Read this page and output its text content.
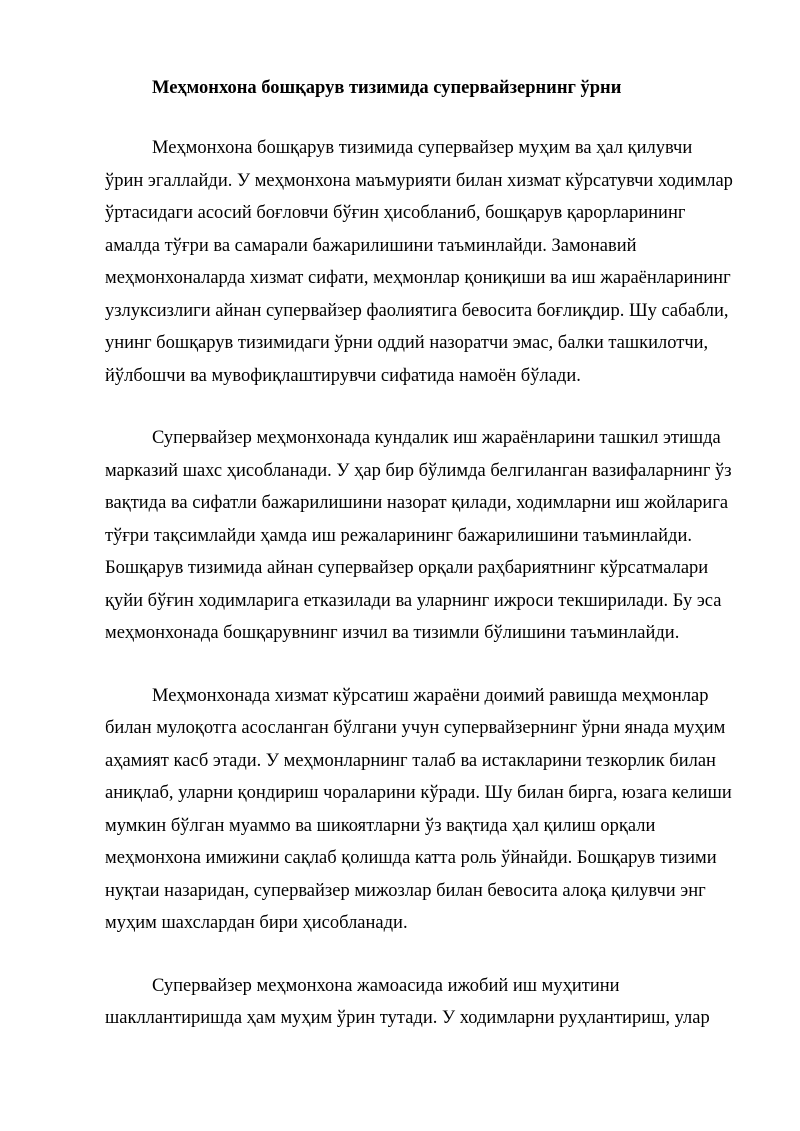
Меҳмонхона бошқарув тизимида супервайзернинг ўрни

Меҳмонхона бошқарув тизимида супервайзер муҳим ва ҳал қилувчи ўрин эгаллайди. У меҳмонхона маъмурияти билан хизмат кўрсатувчи ходимлар ўртасидаги асосий боғловчи бўғин ҳисобланиб, бошқарув қарорларининг амалда тўғри ва самарали бажарилишини таъминлайди. Замонавий меҳмонхоналарда хизмат сифати, меҳмонлар қониқиши ва иш жараёнларининг узлуксизлиги айнан супервайзер фаолиятига бевосита боғлиқдир. Шу сабабли, унинг бошқарув тизимидаги ўрни оддий назоратчи эмас, балки ташкилотчи, йўлбошчи ва мувофиқлаштирувчи сифатида намоён бўлади.

Супервайзер меҳмонхонада кундалик иш жараёнларини ташкил этишда марказий шахс ҳисобланади. У ҳар бир бўлимда белгиланган вазифаларнинг ўз вақтида ва сифатли бажарилишини назорат қилади, ходимларни иш жойларига тўғри тақсимлайди ҳамда иш режаларининг бажарилишини таъминлайди. Бошқарув тизимида айнан супервайзер орқали раҳбариятнинг кўрсатмалари қуйи бўғин ходимларига етказилади ва уларнинг ижроси текширилади. Бу эса меҳмонхонада бошқарувнинг изчил ва тизимли бўлишини таъминлайди.

Меҳмонхонада хизмат кўрсатиш жараёни доимий равишда меҳмонлар билан мулоқотга асосланган бўлгани учун супервайзернинг ўрни янада муҳим аҳамият касб этади. У меҳмонларнинг талаб ва истакларини тезкорлик билан аниқлаб, уларни қондириш чораларини кўради. Шу билан бирга, юзага келиши мумкин бўлган муаммо ва шикоятларни ўз вақтида ҳал қилиш орқали меҳмонхона имижини сақлаб қолишда катта роль ўйнайди. Бошқарув тизими нуқтаи назаридан, супервайзер мижозлар билан бевосита алоқа қилувчи энг муҳим шахслардан бири ҳисобланади.

Супервайзер меҳмонхона жамоасида ижобий иш муҳитини шакллантиришда ҳам муҳим ўрин тутади. У ходимларни руҳлантириш, улар
